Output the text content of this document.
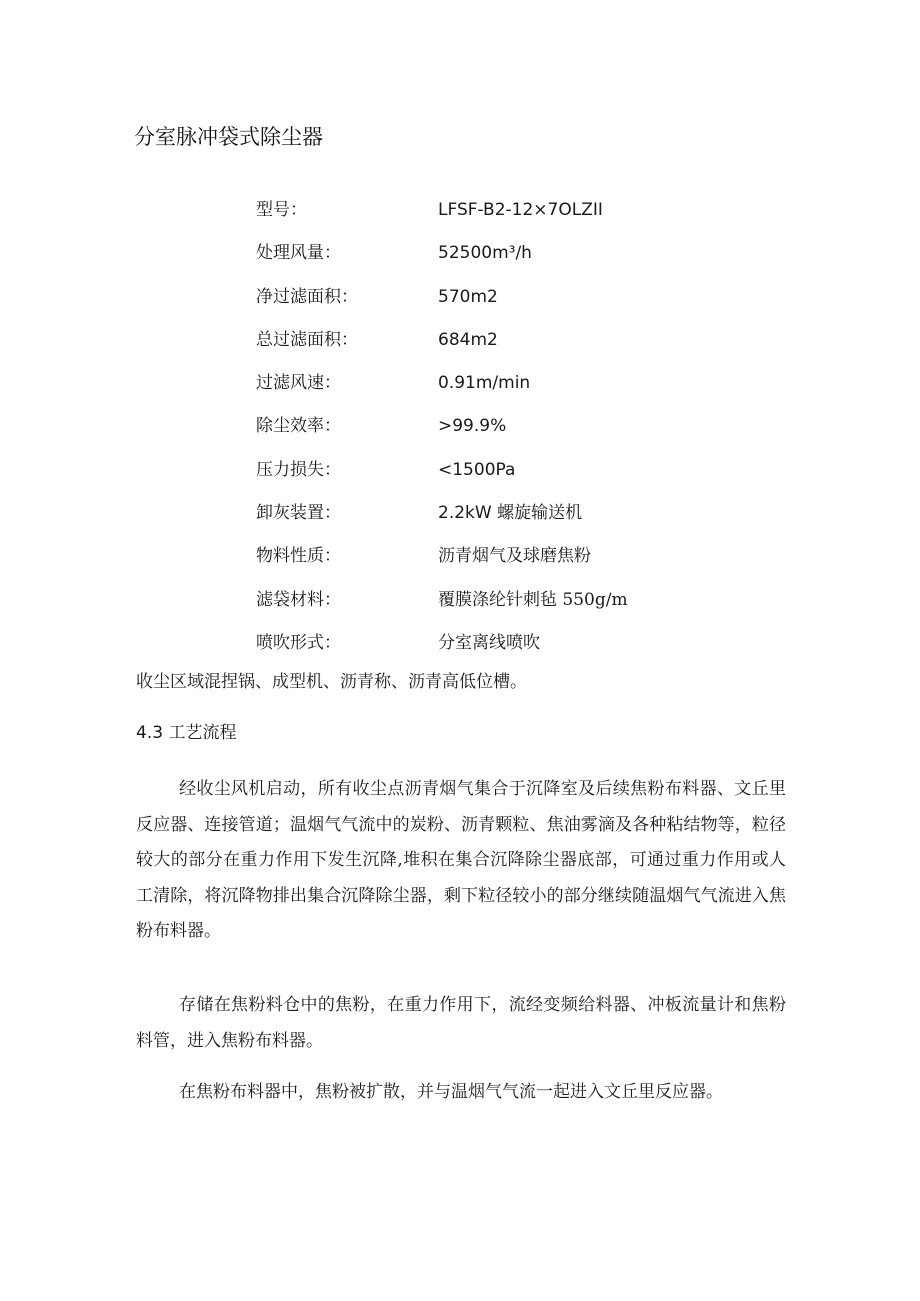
分室脉冲袋式除尘器
型号：	LFSF-B2-12×7OLZII
处理风量：	52500m³∕h
净过滤面积：	570m2
总过滤面积：	684m2
过滤风速：	0.91m/min
除尘效率：	>99.9%
压力损失：	<1500Pa
卸灰装置：	2.2kW 螺旋输送机
物料性质：	沥青烟气及球磨焦粉
滤袋材料：	覆膜涤纶针刺毡 550g∕m
喷吹形式：	分室离线喷吹
收尘区域混捏锅、成型机、沥青称、沥青高低位槽。
4.3 工艺流程

经收尘风机启动，所有收尘点沥青烟气集合于沉降室及后续焦粉布料器、文丘里反应器、连接管道；温烟气气流中的炭粉、沥青颗粒、焦油雾滴及各种粘结物等，粒径较大的部分在重力作用下发生沉降,堆积在集合沉降除尘器底部，可通过重力作用或人工清除，将沉降物排出集合沉降除尘器，剩下粒径较小的部分继续随温烟气气流进入焦粉布料器。

存储在焦粉料仓中的焦粉，在重力作用下，流经变频给料器、冲板流量计和焦粉料管，进入焦粉布料器。

在焦粉布料器中，焦粉被扩散，并与温烟气气流一起进入文丘里反应器。
